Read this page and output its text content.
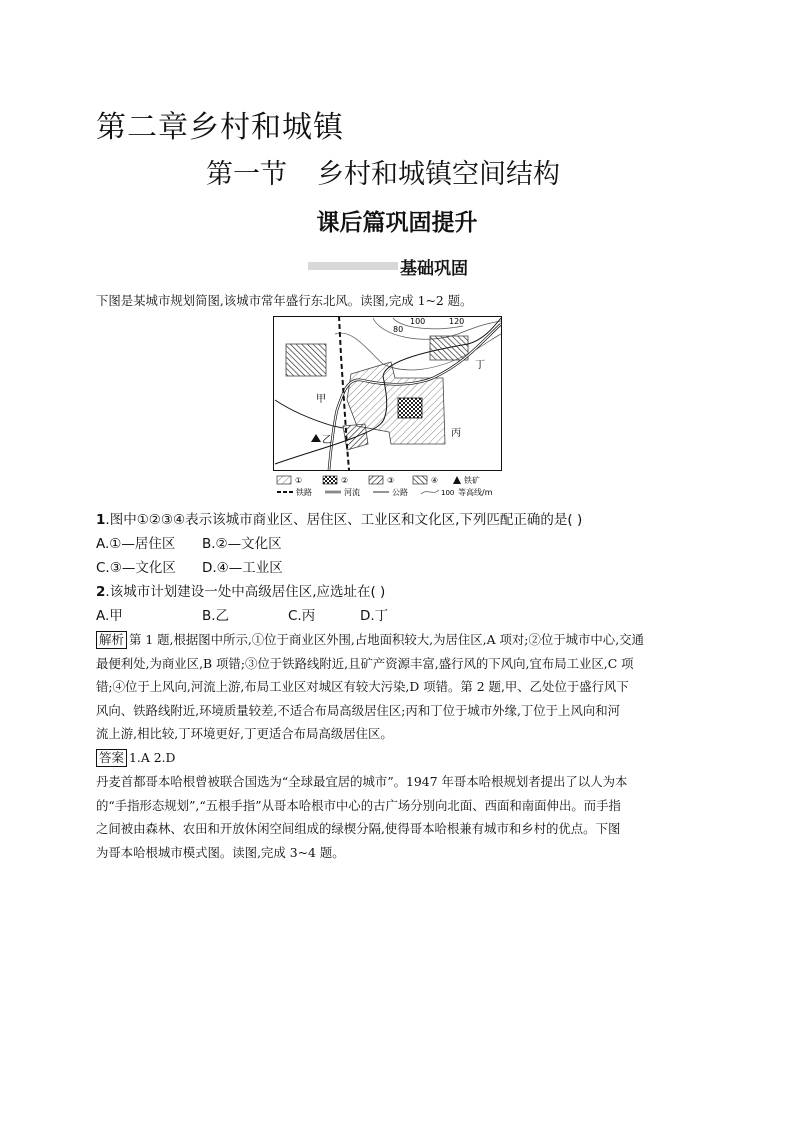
第二章乡村和城镇
第一节 乡村和城镇空间结构
课后篇巩固提升
基础巩固
下图是某城市规划简图,该城市常年盛行东北风。读图,完成 1~2 题。
80
100	120
甲
乙
丙
丁
①	②	③	④	铁矿
铁路	河流	公路	100 等高线/m
1.图中①②③④表示该城市商业区、居住区、工业区和文化区,下列匹配正确的是( )
A.①—居住区 B.②—文化区
C.③—文化区 D.④—工业区
2.该城市计划建设一处中高级居住区,应选址在( )
A.甲	B.乙	C.丙	D.丁
解析 第 1 题,根据图中所示,①位于商业区外围,占地面积较大,为居住区,A 项对;②位于城市中心,交通
最便利处,为商业区,B 项错;③位于铁路线附近,且矿产资源丰富,盛行风的下风向,宜布局工业区,C 项
错;④位于上风向,河流上游,布局工业区对城区有较大污染,D 项错。第 2 题,甲、乙处位于盛行风下
风向、铁路线附近,环境质量较差,不适合布局高级居住区;丙和丁位于城市外缘,丁位于上风向和河
流上游,相比较,丁环境更好,丁更适合布局高级居住区。
答案 1.A 2.D
丹麦首都哥本哈根曾被联合国选为“全球最宜居的城市”。1947 年哥本哈根规划者提出了以人为本
的“手指形态规划”,“五根手指”从哥本哈根市中心的古广场分别向北面、西面和南面伸出。而手指
之间被由森林、农田和开放休闲空间组成的绿楔分隔,使得哥本哈根兼有城市和乡村的优点。下图
为哥本哈根城市模式图。读图,完成 3~4 题。
